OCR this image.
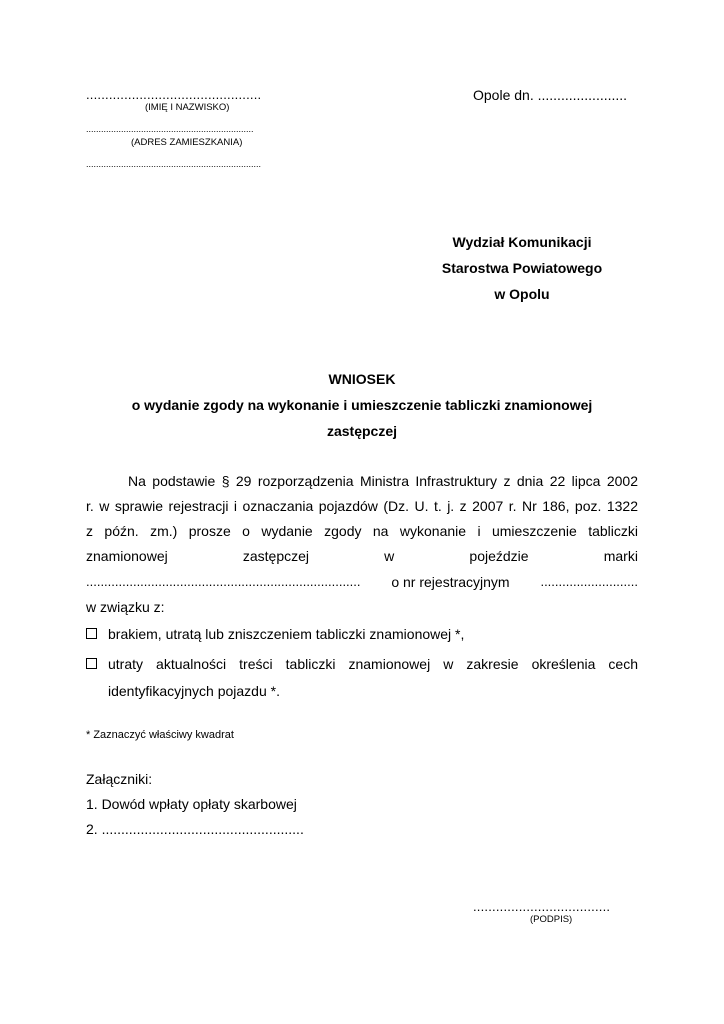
..............................................
(IMIĘ I NAZWISKO)
...................................................................
(ADRES ZAMIESZKANIA)
......................................................................
Opole dn. .......................
Wydział Komunikacji
Starostwa Powiatowego
w Opolu
WNIOSEK
o wydanie zgody na wykonanie i umieszczenie tabliczki znamionowej
zastępczej
Na podstawie § 29 rozporządzenia Ministra Infrastruktury z dnia 22 lipca 2002
r. w sprawie rejestracji i oznaczania pojazdów (Dz. U. t. j. z 2007 r. Nr 186, poz. 1322
z późn. zm.) prosze o wydanie zgody na wykonanie i umieszczenie tabliczki
znamionowej	zastępczej	w	pojeździe	marki
............................................................................ o nr rejestracyjnym ...........................
w związku z:
brakiem, utratą lub zniszczeniem tabliczki znamionowej *,
utraty aktualności treści tabliczki znamionowej w zakresie określenia cech
identyfikacyjnych pojazdu *.
* Zaznaczyć właściwy kwadrat
Załączniki:
1. Dowód wpłaty opłaty skarbowej
2. ....................................................
....................................
(PODPIS)
